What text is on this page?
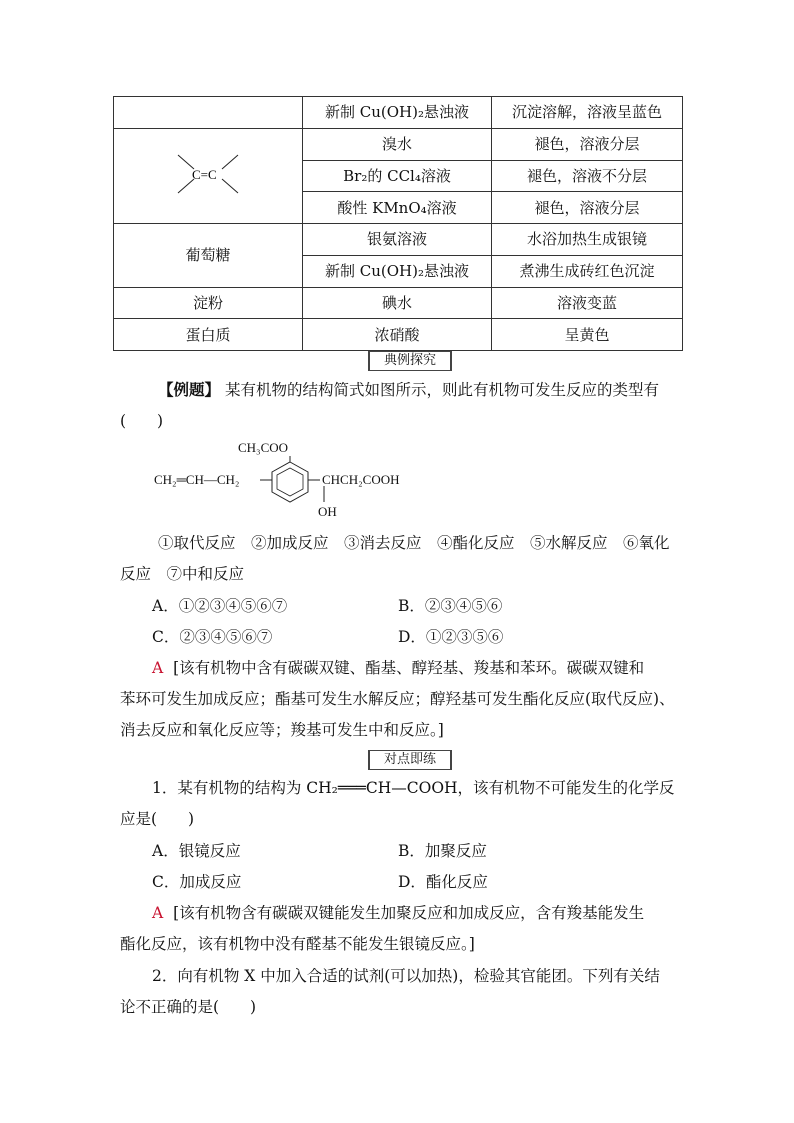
	新制 Cu(OH)₂悬浊液	沉淀溶解，溶液呈蓝色

C=C	溴水	褪色，溶液分层
	Br₂的 CCl₄溶液	褪色，溶液不分层
	酸性 KMnO₄溶液	褪色，溶液分层
葡萄糖	银氨溶液	水浴加热生成银镜
	新制 Cu(OH)₂悬浊液	煮沸生成砖红色沉淀
淀粉	碘水	溶液变蓝
蛋白质	浓硝酸	呈黄色
典例探究
【例题】 某有机物的结构简式如图所示，则此有机物可发生反应的类型有
(　　)
CH₃COO
CH₂═CH—CH₂	CHCH₂COOH
OH
①取代反应　②加成反应　③消去反应　④酯化反应　⑤水解反应　⑥氧化
反应　⑦中和反应
A．①②③④⑤⑥⑦	B．②③④⑤⑥
C．②③④⑤⑥⑦	D．①②③⑤⑥
A [该有机物中含有碳碳双键、酯基、醇羟基、羧基和苯环。碳碳双键和
苯环可发生加成反应；酯基可发生水解反应；醇羟基可发生酯化反应(取代反应)、
消去反应和氧化反应等；羧基可发生中和反应。]
对点即练
1．某有机物的结构为 CH₂═══CH—COOH，该有机物不可能发生的化学反
应是(　　)
A．银镜反应	B．加聚反应
C．加成反应	D．酯化反应
A [该有机物含有碳碳双键能发生加聚反应和加成反应，含有羧基能发生
酯化反应，该有机物中没有醛基不能发生银镜反应。]
2．向有机物 X 中加入合适的试剂(可以加热)，检验其官能团。下列有关结
论不正确的是(　　)
